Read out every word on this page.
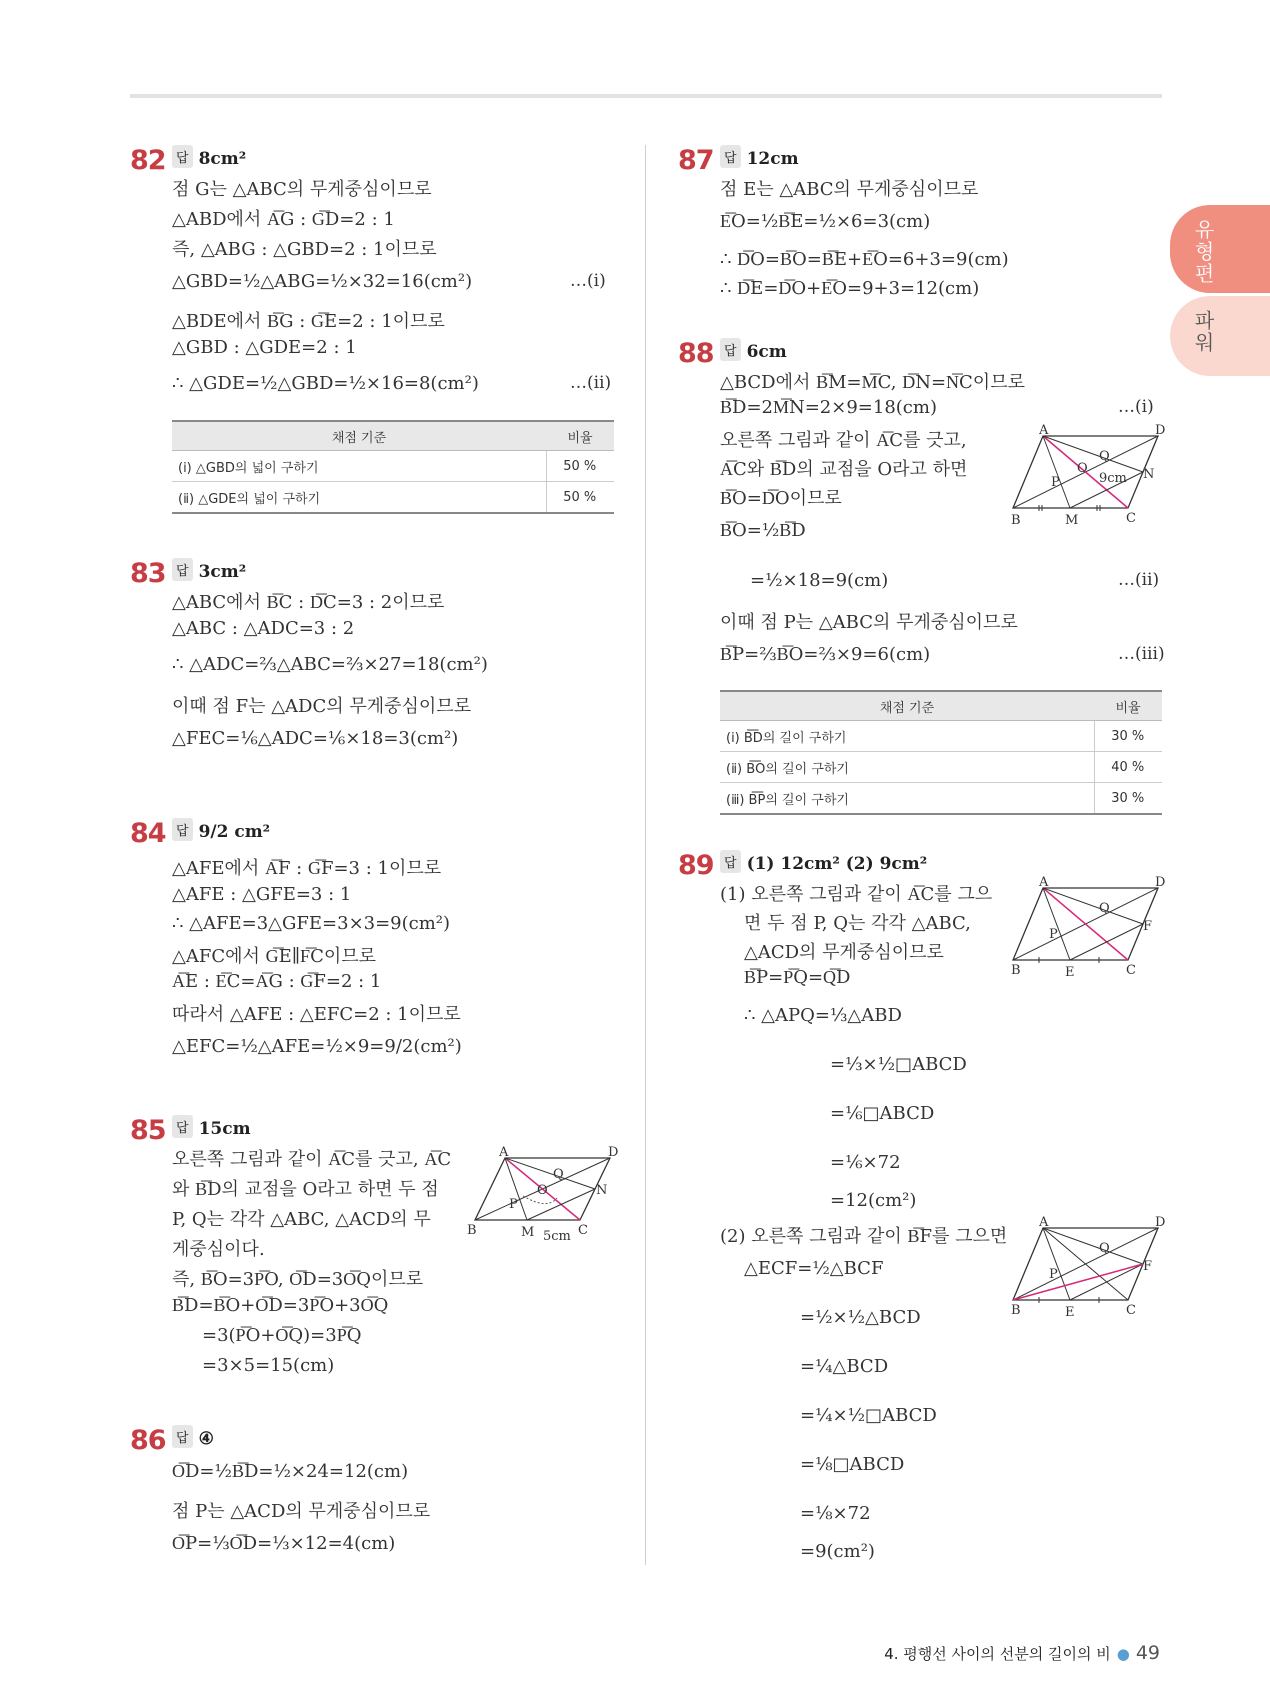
유형편
파워
82 답 8cm²
점 G는 △ABC의 무게중심이므로
△ABD에서 A͞G : G͞D=2 : 1
즉, △ABG : △GBD=2 : 1이므로
△GBD=½△ABG=½×32=16(cm²)	…(ⅰ)
△BDE에서 B͞G : G͞E=2 : 1이므로
△GBD : △GDE=2 : 1
∴ △GDE=½△GBD=½×16=8(cm²)	…(ⅱ)
채점 기준	비율
(ⅰ) △GBD의 넓이 구하기	50 %
(ⅱ) △GDE의 넓이 구하기	50 %
83 답 3cm²
△ABC에서 B͞C : D͞C=3 : 2이므로
△ABC : △ADC=3 : 2
∴ △ADC=⅔△ABC=⅔×27=18(cm²)
이때 점 F는 △ADC의 무게중심이므로
△FEC=⅙△ADC=⅙×18=3(cm²)
84 답 9/2 cm²
△AFE에서 A͞F : G͞F=3 : 1이므로
△AFE : △GFE=3 : 1
∴ △AFE=3△GFE=3×3=9(cm²)
△AFC에서 G͞E∥F͞C이므로
A͞E : E͞C=A͞G : G͞F=2 : 1
따라서 △AFE : △EFC=2 : 1이므로
△EFC=½△AFE=½×9=9/2(cm²)
85 답 15cm
오른쪽 그림과 같이 A͞C를 긋고, A͞C
와 B͞D의 교점을 O라고 하면 두 점
P, Q는 각각 △ABC, △ACD의 무
게중심이다.
즉, B͞O=3P͞O, O͞D=3O͞Q이므로
B͞D=B͞O+O͞D=3P͞O+3O͞Q
=3(P͞O+O͞Q)=3P͞Q
=3×5=15(cm)
A
B	C
D
M
N
P
Q
O
5cm
86 답 ④
O͞D=½B͞D=½×24=12(cm)
점 P는 △ACD의 무게중심이므로
O͞P=⅓O͞D=⅓×12=4(cm)
87 답 12cm
점 E는 △ABC의 무게중심이므로
E͞O=½B͞E=½×6=3(cm)
∴ D͞O=B͞O=B͞E+E͞O=6+3=9(cm)
∴ D͞E=D͞O+E͞O=9+3=12(cm)
88 답 6cm
△BCD에서 B͞M=M͞C, D͞N=N͞C이므로
B͞D=2M͞N=2×9=18(cm)	…(ⅰ)
오른쪽 그림과 같이 A͞C를 긋고,
A͞C와 B͞D의 교점을 O라고 하면
B͞O=D͞O이므로
B͞O=½B͞D
=½×18=9(cm)	…(ⅱ)
이때 점 P는 △ABC의 무게중심이므로
B͞P=⅔B͞O=⅔×9=6(cm)	…(ⅲ)
채점 기준	비율
(ⅰ) B͞D의 길이 구하기	30 %
(ⅱ) B͞O의 길이 구하기	40 %
(ⅲ) B͞P의 길이 구하기	30 %
A
B	C
D
M
N
P
Q
O
9cm
89 답 (1) 12cm² (2) 9cm²
(1) 오른쪽 그림과 같이 A͞C를 그으
면 두 점 P, Q는 각각 △ABC,
△ACD의 무게중심이므로
B͞P=P͞Q=Q͞D
∴ △APQ=⅓△ABD
=⅓×½□ABCD
=⅙□ABCD
=⅙×72
=12(cm²)
(2) 오른쪽 그림과 같이 B͞F를 그으면
△ECF=½△BCF
=½×½△BCD
=¼△BCD
=¼×½□ABCD
=⅛□ABCD
=⅛×72
=9(cm²)
A
B	C
D
E
F
P
Q
A
B	C
D
E
F
P
Q
4. 평행선 사이의 선분의 길이의 비 ● 49
